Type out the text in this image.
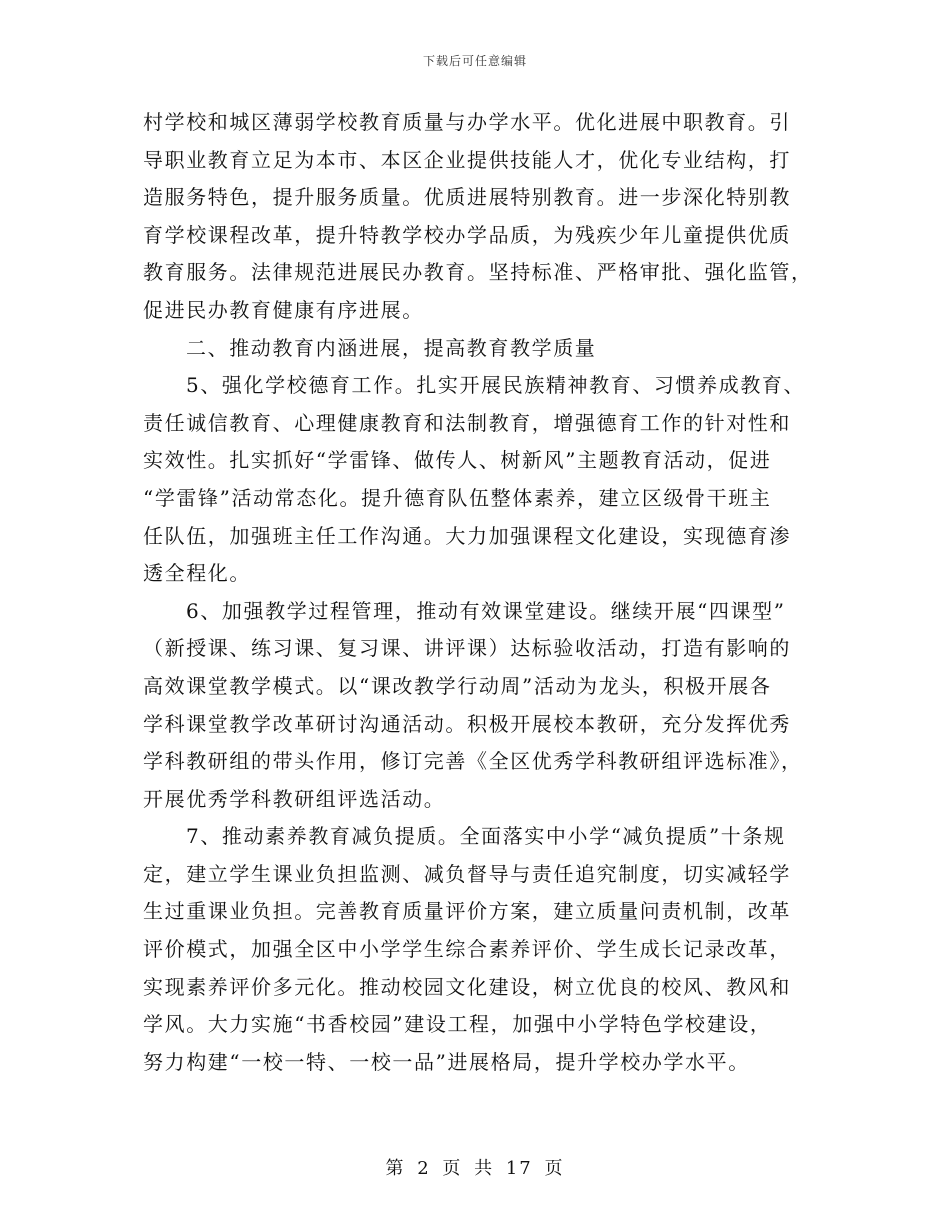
下载后可任意编辑

村学校和城区薄弱学校教育质量与办学水平。优化进展中职教育。引
导职业教育立足为本市、本区企业提供技能人才，优化专业结构，打
造服务特色，提升服务质量。优质进展特别教育。进一步深化特别教
育学校课程改革，提升特教学校办学品质，为残疾少年儿童提供优质
教育服务。法律规范进展民办教育。坚持标准、严格审批、强化监管，
促进民办教育健康有序进展。

二、推动教育内涵进展，提高教育教学质量

5、强化学校德育工作。扎实开展民族精神教育、习惯养成教育、
责任诚信教育、心理健康教育和法制教育，增强德育工作的针对性和
实效性。扎实抓好“学雷锋、做传人、树新风”主题教育活动，促进
“学雷锋”活动常态化。提升德育队伍整体素养，建立区级骨干班主
任队伍，加强班主任工作沟通。大力加强课程文化建设，实现德育渗
透全程化。

6、加强教学过程管理，推动有效课堂建设。继续开展“四课型”
（新授课、练习课、复习课、讲评课）达标验收活动，打造有影响的
高效课堂教学模式。以“课改教学行动周”活动为龙头，积极开展各
学科课堂教学改革研讨沟通活动。积极开展校本教研，充分发挥优秀
学科教研组的带头作用，修订完善《全区优秀学科教研组评选标准》，
开展优秀学科教研组评选活动。

7、推动素养教育减负提质。全面落实中小学“减负提质”十条规
定，建立学生课业负担监测、减负督导与责任追究制度，切实减轻学
生过重课业负担。完善教育质量评价方案，建立质量问责机制，改革
评价模式，加强全区中小学学生综合素养评价、学生成长记录改革，
实现素养评价多元化。推动校园文化建设，树立优良的校风、教风和
学风。大力实施“书香校园”建设工程，加强中小学特色学校建设，
努力构建“一校一特、一校一品”进展格局，提升学校办学水平。

第 2 页 共 17 页
